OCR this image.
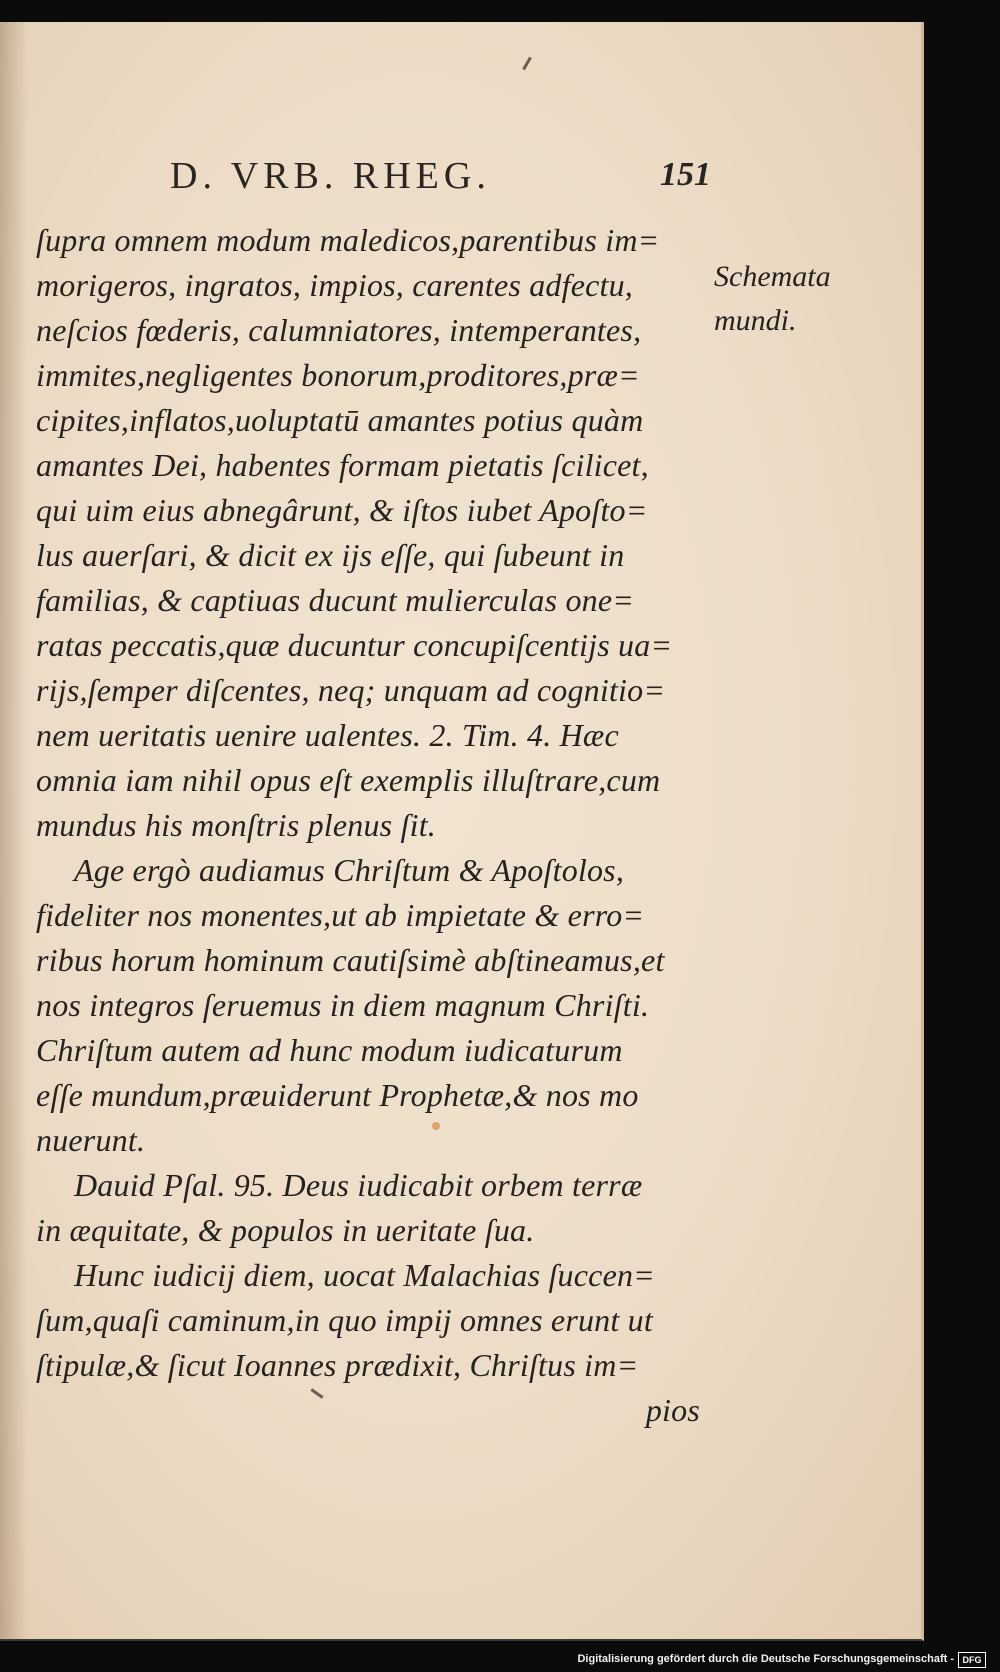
D. VRB. RHEG.	151
ſupra omnem modum maledicos,parentibus im=
morigeros, ingratos, impios, carentes adfectu,
neſcios fœderis, calumniatores, intemperantes,
immites,negligentes bonorum,proditores,præ=
cipites,inflatos,uoluptatū amantes potius quàm
amantes Dei, habentes formam pietatis ſcilicet,
qui uim eius abnegârunt, & iſtos iubet Apoſto=
lus auerſari, & dicit ex ijs eſſe, qui ſubeunt in
familias, & captiuas ducunt mulierculas one=
ratas peccatis,quæ ducuntur concupiſcentijs ua=
rijs,ſemper diſcentes, neq; unquam ad cognitio=
nem ueritatis uenire ualentes. 2. Tim. 4. Hæc
omnia iam nihil opus eſt exemplis illuſtrare,cum
mundus his monſtris plenus ſit.
Age ergò audiamus Chriſtum & Apoſtolos,
fideliter nos monentes,ut ab impietate & erro=
ribus horum hominum cautiſsimè abſtineamus,et
nos integros ſeruemus in diem magnum Chriſti.
Chriſtum autem ad hunc modum iudicaturum
eſſe mundum,præuiderunt Prophetæ,& nos mo
nuerunt.
Dauid Pſal. 95. Deus iudicabit orbem terræ
in æquitate, & populos in ueritate ſua.
Hunc iudicij diem, uocat Malachias ſuccen=
ſum,quaſi caminum,in quo impij omnes erunt ut
ſtipulæ,& ſicut Ioannes prædixit, Chriſtus im=
pios
Schemata
mundi.
Digitalisierung gefördert durch die Deutsche Forschungsgemeinschaft - DFG
